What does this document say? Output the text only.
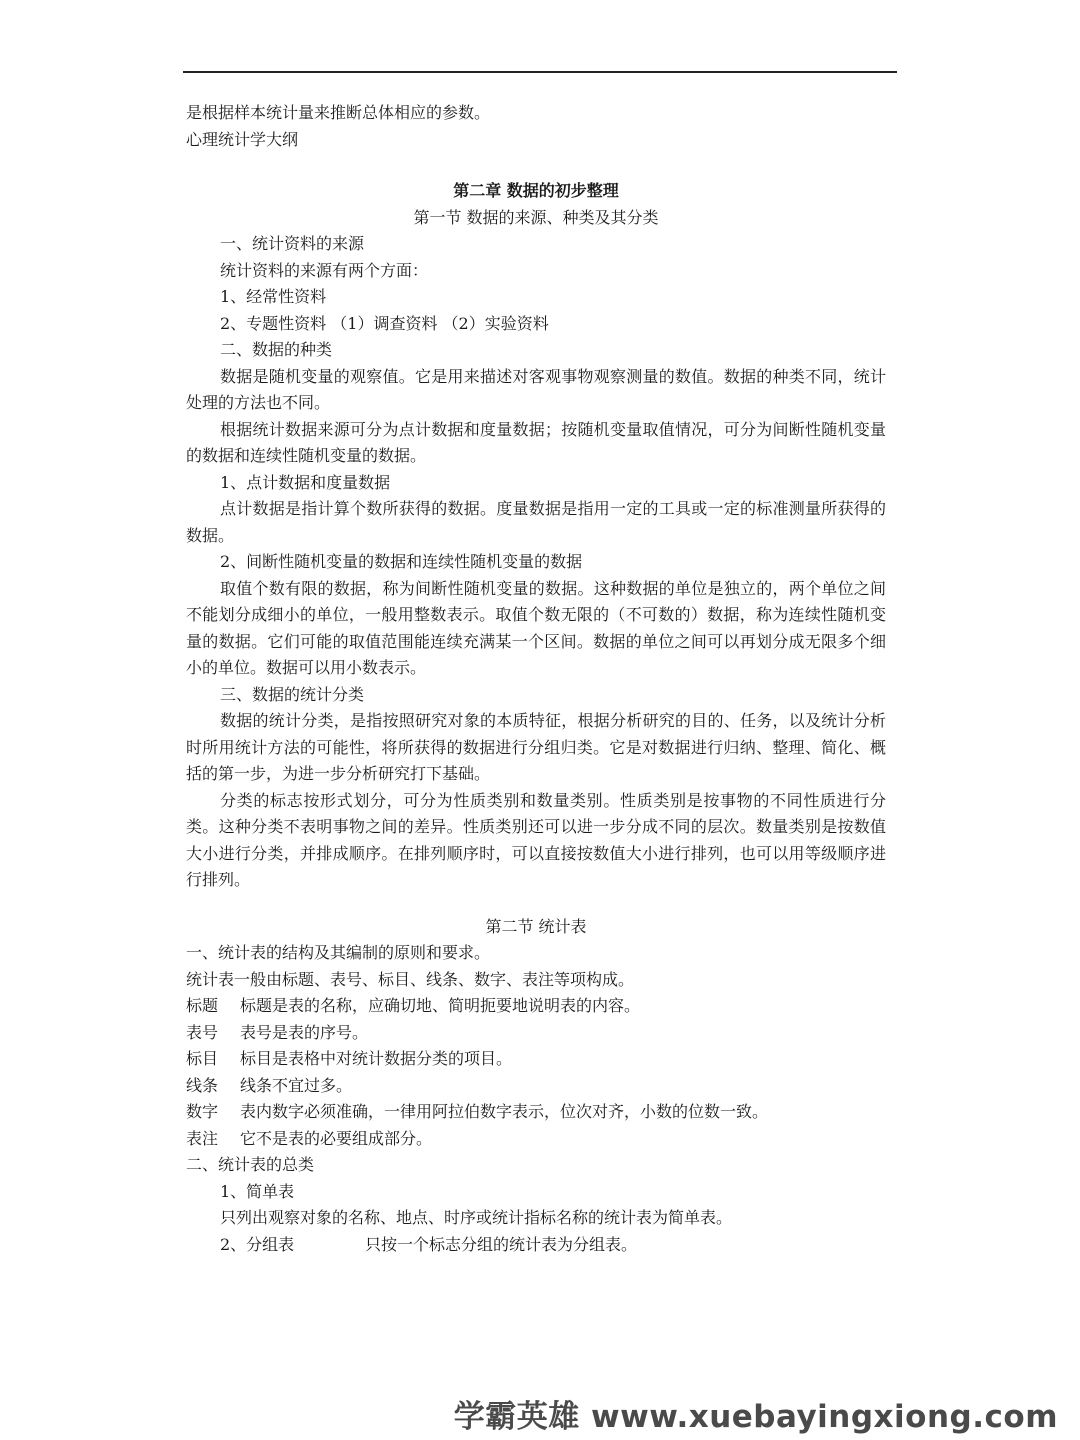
是根据样本统计量来推断总体相应的参数。
心理统计学大纲
第二章 数据的初步整理
第一节 数据的来源、种类及其分类
一、统计资料的来源
统计资料的来源有两个方面：
1、经常性资料
2、专题性资料 （1）调查资料 （2）实验资料
二、数据的种类
数据是随机变量的观察值。它是用来描述对客观事物观察测量的数值。数据的种类不同，统计处理的方法也不同。
根据统计数据来源可分为点计数据和度量数据；按随机变量取值情况，可分为间断性随机变量的数据和连续性随机变量的数据。
1、点计数据和度量数据
点计数据是指计算个数所获得的数据。度量数据是指用一定的工具或一定的标准测量所获得的数据。
2、间断性随机变量的数据和连续性随机变量的数据
取值个数有限的数据，称为间断性随机变量的数据。这种数据的单位是独立的，两个单位之间不能划分成细小的单位，一般用整数表示。取值个数无限的（不可数的）数据，称为连续性随机变量的数据。它们可能的取值范围能连续充满某一个区间。数据的单位之间可以再划分成无限多个细小的单位。数据可以用小数表示。
三、数据的统计分类
数据的统计分类，是指按照研究对象的本质特征，根据分析研究的目的、任务，以及统计分析时所用统计方法的可能性，将所获得的数据进行分组归类。它是对数据进行归纳、整理、简化、概括的第一步，为进一步分析研究打下基础。
分类的标志按形式划分，可分为性质类别和数量类别。性质类别是按事物的不同性质进行分类。这种分类不表明事物之间的差异。性质类别还可以进一步分成不同的层次。数量类别是按数值大小进行分类，并排成顺序。在排列顺序时，可以直接按数值大小进行排列，也可以用等级顺序进行排列。
第二节 统计表
一、统计表的结构及其编制的原则和要求。
统计表一般由标题、表号、标目、线条、数字、表注等项构成。
标题 标题是表的名称，应确切地、简明扼要地说明表的内容。
表号 表号是表的序号。
标目 标目是表格中对统计数据分类的项目。
线条 线条不宜过多。
数字 表内数字必须准确，一律用阿拉伯数字表示，位次对齐，小数的位数一致。
表注 它不是表的必要组成部分。
二、统计表的总类
1、简单表
只列出观察对象的名称、地点、时序或统计指标名称的统计表为简单表。
2、分组表	只按一个标志分组的统计表为分组表。
学霸英雄 www.xuebayingxiong.com
